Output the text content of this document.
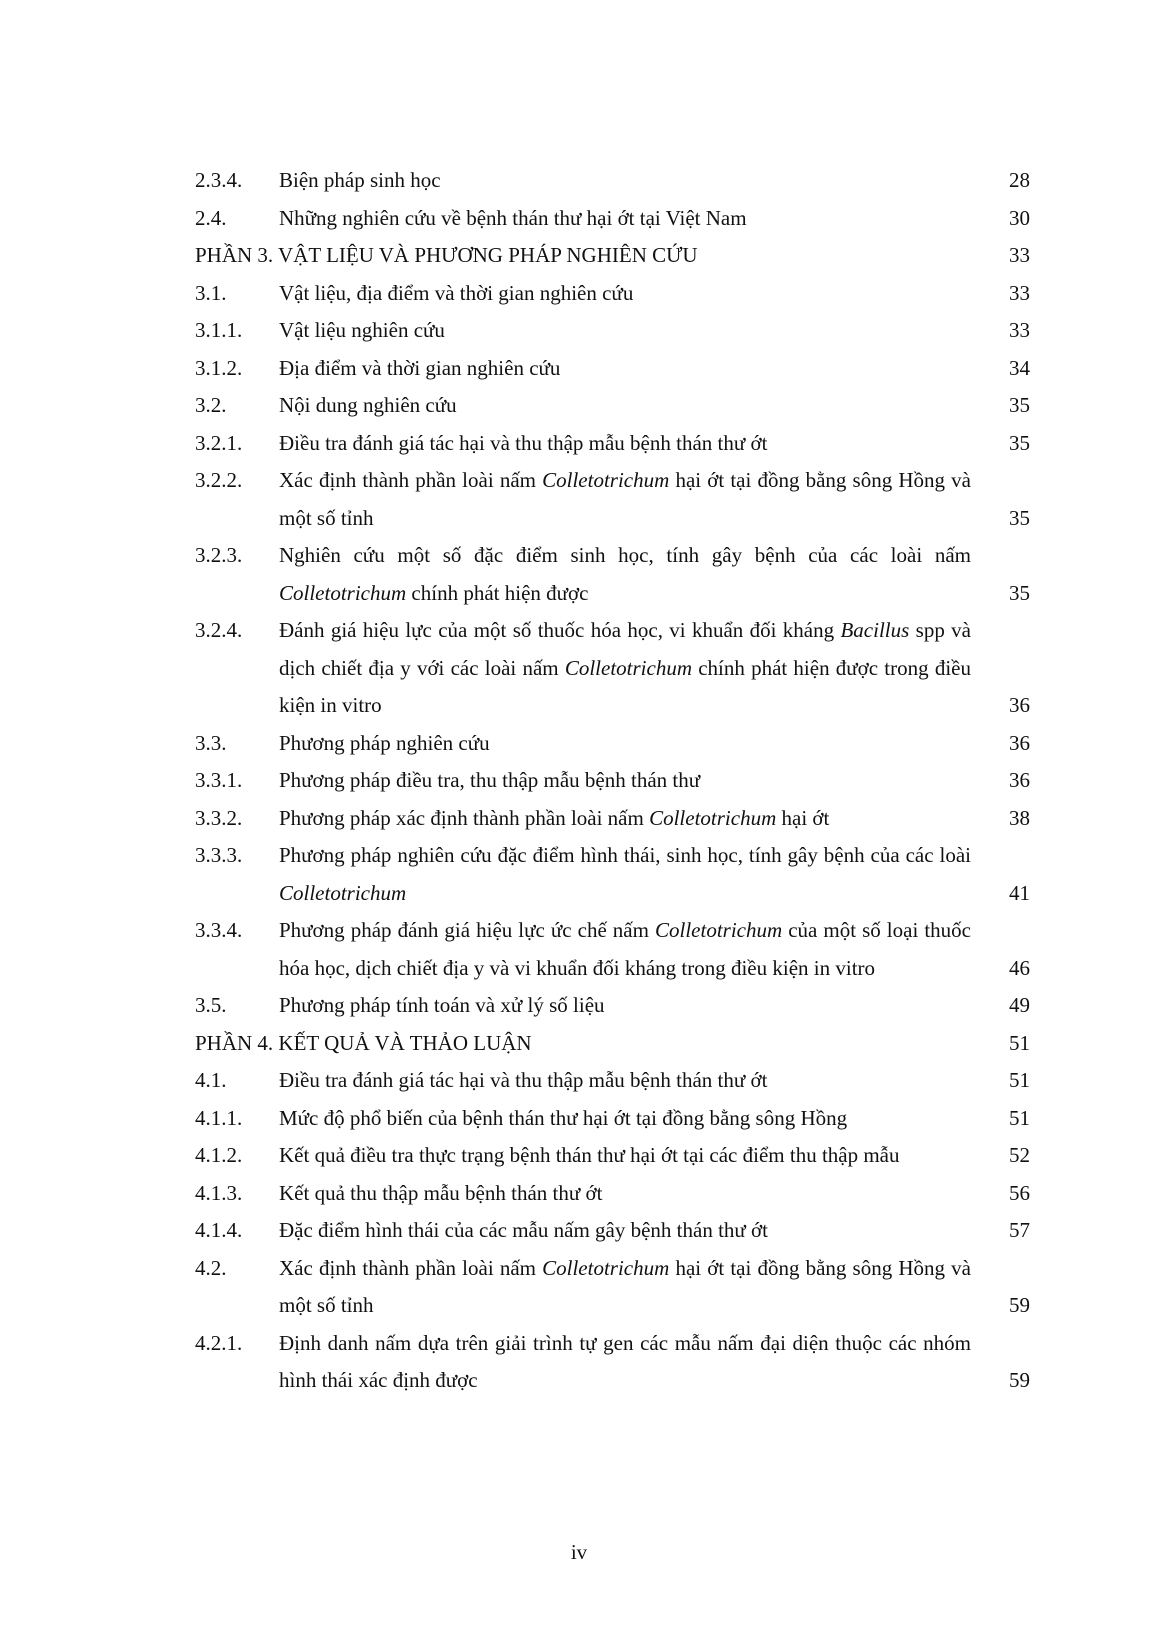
2.3.4.	Biện pháp sinh học	28
2.4.	Những nghiên cứu về bệnh thán thư hại ớt tại Việt Nam	30
PHẦN 3. VẬT LIỆU VÀ PHƯƠNG PHÁP NGHIÊN CỨU	33
3.1.	Vật liệu, địa điểm và thời gian nghiên cứu	33
3.1.1.	Vật liệu nghiên cứu	33
3.1.2.	Địa điểm và thời gian nghiên cứu	34
3.2.	Nội dung nghiên cứu	35
3.2.1.	Điều tra đánh giá tác hại và thu thập mẫu bệnh thán thư ớt	35
3.2.2.	Xác định thành phần loài nấm Colletotrichum hại ớt tại đồng bằng sông Hồng và một số tỉnh	35
3.2.3.	Nghiên cứu một số đặc điểm sinh học, tính gây bệnh của các loài nấm Colletotrichum chính phát hiện được	35
3.2.4.	Đánh giá hiệu lực của một số thuốc hóa học, vi khuẩn đối kháng Bacillus spp và dịch chiết địa y với các loài nấm Colletotrichum chính phát hiện được trong điều kiện in vitro	36
3.3.	Phương pháp nghiên cứu	36
3.3.1.	Phương pháp điều tra, thu thập mẫu bệnh thán thư	36
3.3.2.	Phương pháp xác định thành phần loài nấm Colletotrichum hại ớt	38
3.3.3.	Phương pháp nghiên cứu đặc điểm hình thái, sinh học, tính gây bệnh của các loài Colletotrichum	41
3.3.4.	Phương pháp đánh giá hiệu lực ức chế nấm Colletotrichum của một số loại thuốc hóa học, dịch chiết địa y và vi khuẩn đối kháng trong điều kiện in vitro	46
3.5.	Phương pháp tính toán và xử lý số liệu	49
PHẦN 4. KẾT QUẢ VÀ THẢO LUẬN	51
4.1.	Điều tra đánh giá tác hại và thu thập mẫu bệnh thán thư ớt	51
4.1.1.	Mức độ phổ biến của bệnh thán thư hại ớt tại đồng bằng sông Hồng	51
4.1.2.	Kết quả điều tra thực trạng bệnh thán thư hại ớt tại các điểm thu thập mẫu	52
4.1.3.	Kết quả thu thập mẫu bệnh thán thư ớt	56
4.1.4.	Đặc điểm hình thái của các mẫu nấm gây bệnh thán thư ớt	57
4.2.	Xác định thành phần loài nấm Colletotrichum hại ớt tại đồng bằng sông Hồng và một số tỉnh	59
4.2.1.	Định danh nấm dựa trên giải trình tự gen các mẫu nấm đại diện thuộc các nhóm hình thái xác định được	59
iv
